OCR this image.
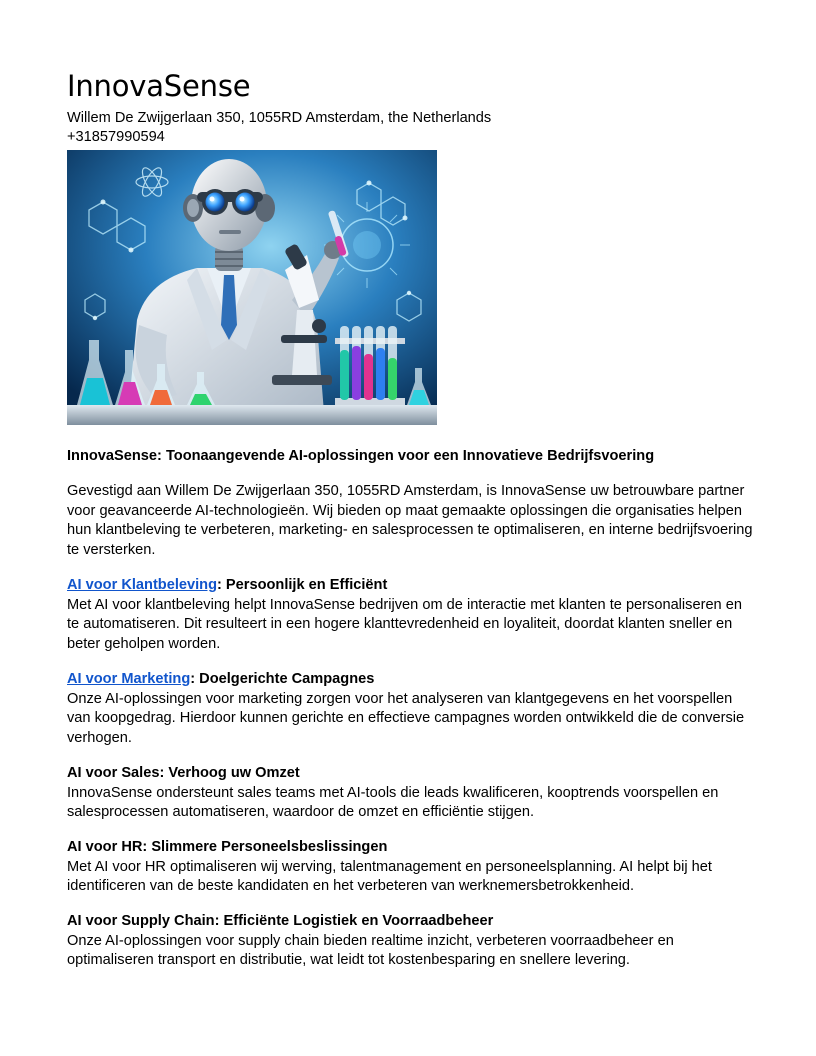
InnovaSense
Willem De Zwijgerlaan 350, 1055RD Amsterdam, the Netherlands
+31857990594
InnovaSense: Toonaangevende AI-oplossingen voor een Innovatieve Bedrijfsvoering

Gevestigd aan Willem De Zwijgerlaan 350, 1055RD Amsterdam, is InnovaSense uw betrouwbare partner voor geavanceerde AI-technologieën. Wij bieden op maat gemaakte oplossingen die organisaties helpen hun klantbeleving te verbeteren, marketing- en salesprocessen te optimaliseren, en interne bedrijfsvoering te versterken.

AI voor Klantbeleving: Persoonlijk en Efficiënt

Met AI voor klantbeleving helpt InnovaSense bedrijven om de interactie met klanten te personaliseren en te automatiseren. Dit resulteert in een hogere klanttevredenheid en loyaliteit, doordat klanten sneller en beter geholpen worden.

AI voor Marketing: Doelgerichte Campagnes

Onze AI-oplossingen voor marketing zorgen voor het analyseren van klantgegevens en het voorspellen van koopgedrag. Hierdoor kunnen gerichte en effectieve campagnes worden ontwikkeld die de conversie verhogen.

AI voor Sales: Verhoog uw Omzet

InnovaSense ondersteunt sales teams met AI-tools die leads kwalificeren, kooptrends voorspellen en salesprocessen automatiseren, waardoor de omzet en efficiëntie stijgen.

AI voor HR: Slimmere Personeelsbeslissingen

Met AI voor HR optimaliseren wij werving, talentmanagement en personeelsplanning. AI helpt bij het identificeren van de beste kandidaten en het verbeteren van werknemersbetrokkenheid.

AI voor Supply Chain: Efficiënte Logistiek en Voorraadbeheer

Onze AI-oplossingen voor supply chain bieden realtime inzicht, verbeteren voorraadbeheer en optimaliseren transport en distributie, wat leidt tot kostenbesparing en snellere levering.
